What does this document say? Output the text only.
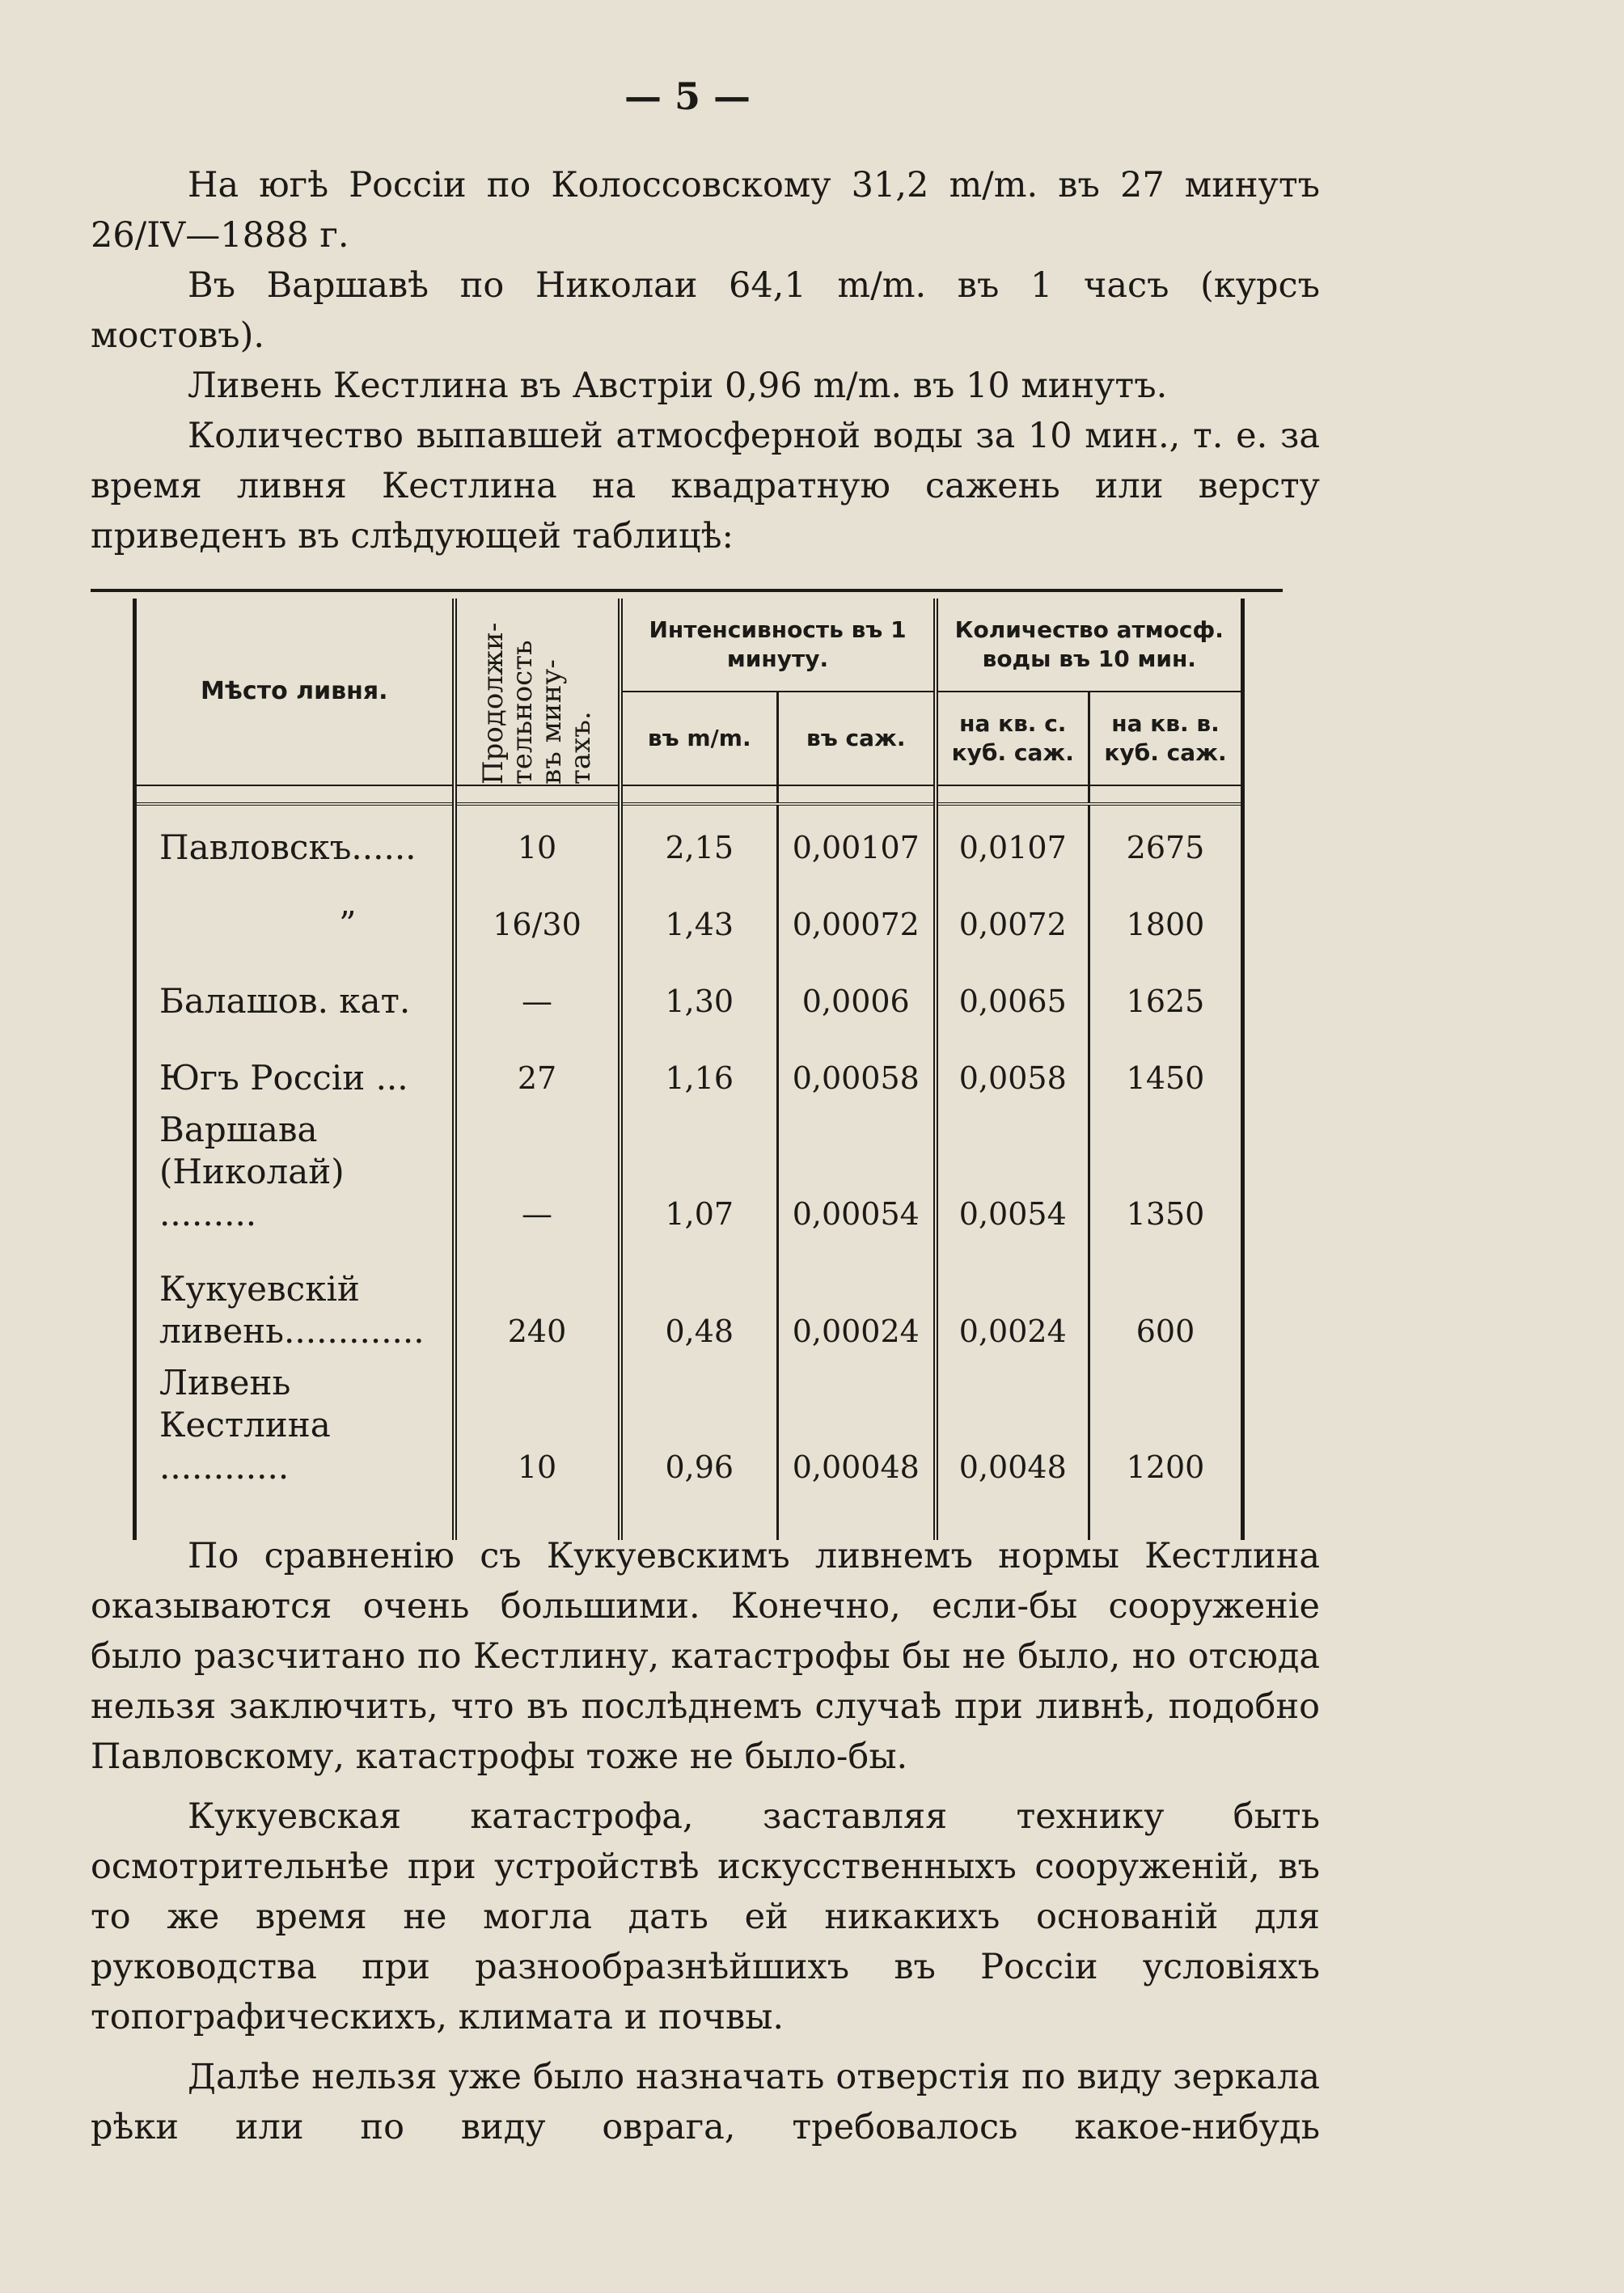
— 5 —

На югѣ Россіи по Колоссовскому 31,2 m/m. въ 27 минутъ 26/IV—1888 г.

Въ Варшавѣ по Николаи 64,1 m/m. въ 1 часъ (курсъ мостовъ).

Ливень Кестлина въ Австріи 0,96 m/m. въ 10 минутъ.

Количество выпавшей атмосферной воды за 10 мин., т. е. за время ливня Кестлина на квадратную сажень или версту приведенъ въ слѣдующей таблицѣ:

Мѣсто ливня.	Продолжи-тельность въ мину-тахъ.	Интенсивность въ 1 минуту.		Количество атмосф. воды въ 10 мин.	
		въ m/m.	въ саж.	на кв. с. куб. саж.	на кв. в. куб. саж.

Павловскъ......	10	2,15	0,00107	0,0107	2675
”	16/30	1,43	0,00072	0,0072	1800
Балашов. кат.	—	1,30	0,0006	0,0065	1625
Югъ Россіи ...	27	1,16	0,00058	0,0058	1450
Варшава (Николай) .........	—	1,07	0,00054	0,0054	1350
Кукуевскій ливень.............	240	0,48	0,00024	0,0024	600
Ливень Кестлина ............	10	0,96	0,00048	0,0048	1200

По сравненію съ Кукуевскимъ ливнемъ нормы Кестлина оказываются очень большими. Конечно, если-бы сооруженіе было разсчитано по Кестлину, катастрофы бы не было, но отсюда нельзя заключить, что въ послѣднемъ случаѣ при ливнѣ, подобно Павловскому, катастрофы тоже не было-бы.

Кукуевская катастрофа, заставляя технику быть осмотрительнѣе при устройствѣ искусственныхъ сооруженій, въ то же время не могла дать ей никакихъ основаній для руководства при разнообразнѣйшихъ въ Россіи условіяхъ топографическихъ, климата и почвы.

Далѣе нельзя уже было назначать отверстія по виду зеркала рѣки или по виду оврага, требовалось какое-нибудь
